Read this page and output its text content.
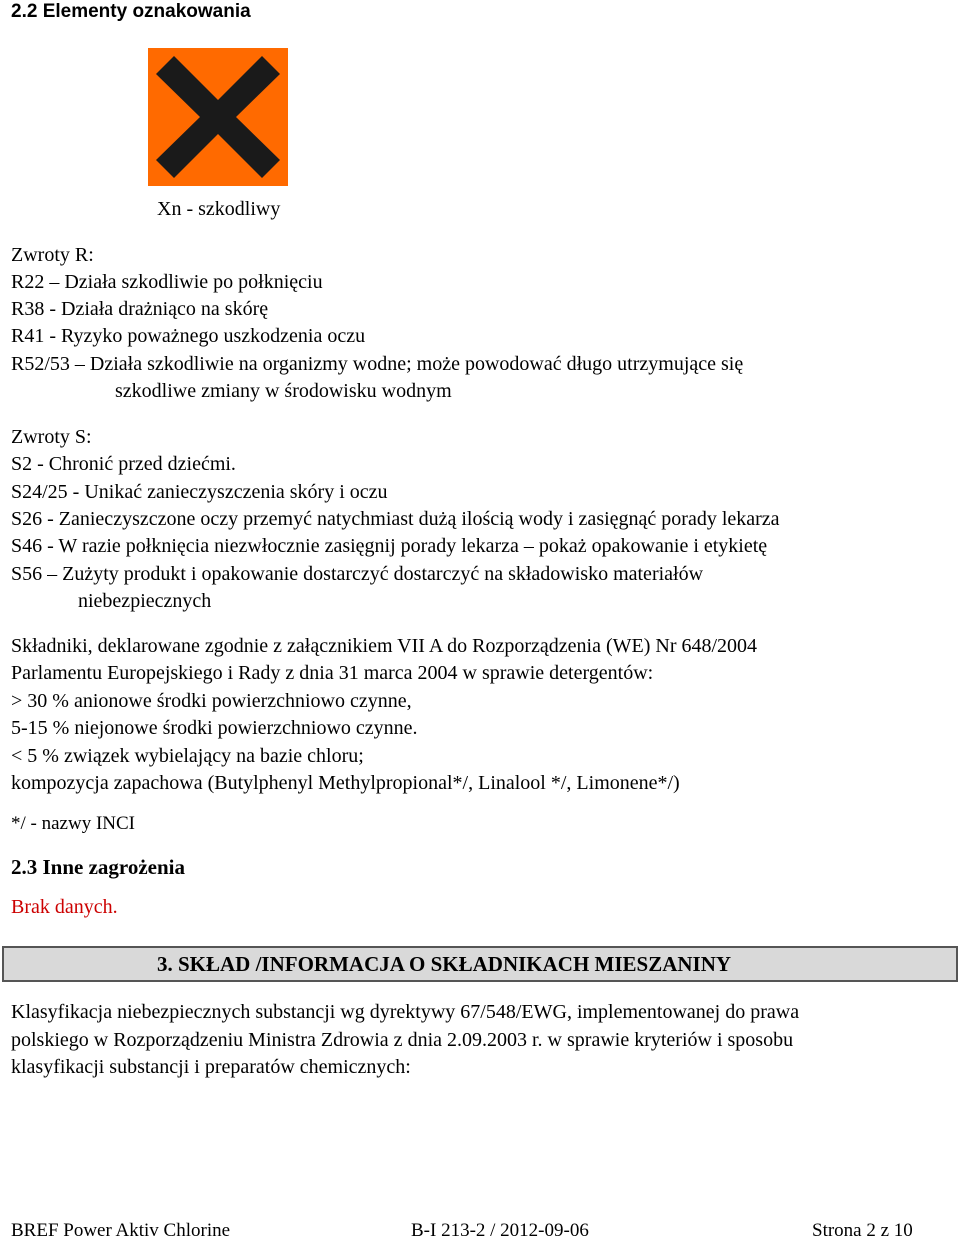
2.2 Elementy oznakowania
Xn - szkodliwy
Zwroty R:
R22 – Działa szkodliwie po połknięciu
R38 - Działa drażniąco na skórę
R41 - Ryzyko poważnego uszkodzenia oczu
R52/53 – Działa szkodliwie na organizmy wodne; może powodować długo utrzymujące się
szkodliwe zmiany w środowisku wodnym
Zwroty S:
S2 - Chronić przed dziećmi.
S24/25 - Unikać zanieczyszczenia skóry i oczu
S26 - Zanieczyszczone oczy przemyć natychmiast dużą ilością wody i zasięgnąć porady lekarza
S46 - W razie połknięcia niezwłocznie zasięgnij porady lekarza – pokaż opakowanie i etykietę
S56 – Zużyty produkt i opakowanie dostarczyć dostarczyć na składowisko materiałów
niebezpiecznych
Składniki, deklarowane zgodnie z załącznikiem VII A do Rozporządzenia (WE) Nr 648/2004
Parlamentu Europejskiego i Rady z dnia 31 marca 2004 w sprawie detergentów:
> 30 % anionowe środki powierzchniowo czynne,
5-15 % niejonowe środki powierzchniowo czynne.
< 5 % związek wybielający na bazie chloru;
kompozycja zapachowa (Butylphenyl Methylpropional*/, Linalool */, Limonene*/)
*/ - nazwy INCI
2.3 Inne zagrożenia
Brak danych.
3. SKŁAD /INFORMACJA O SKŁADNIKACH MIESZANINY
Klasyfikacja niebezpiecznych substancji wg dyrektywy 67/548/EWG, implementowanej do prawa
polskiego w Rozporządzeniu Ministra Zdrowia z dnia 2.09.2003 r. w sprawie kryteriów i sposobu
klasyfikacji substancji i preparatów chemicznych:
BREF Power Aktiv Chlorine	B-I 213-2 / 2012-09-06	Strona 2 z 10
